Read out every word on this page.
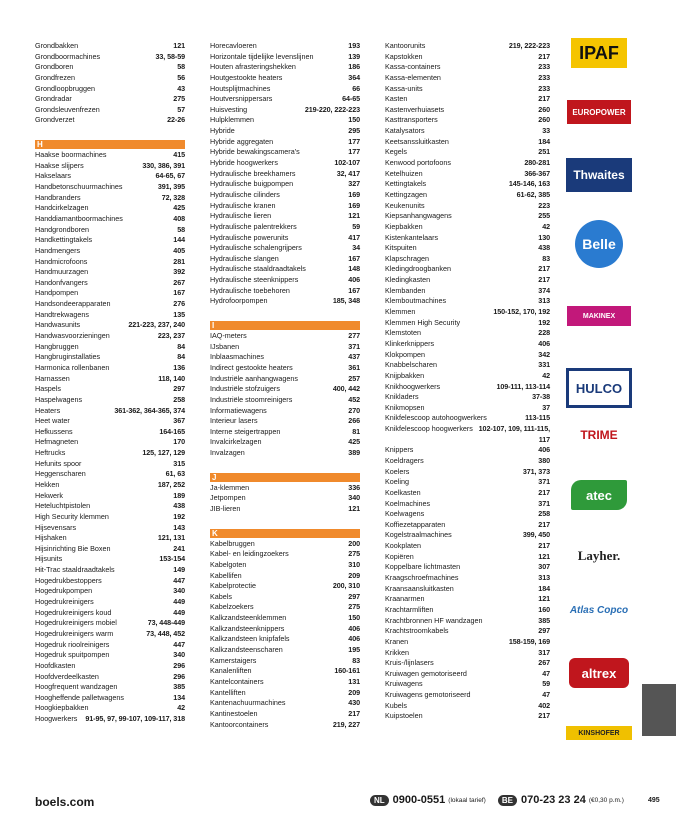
Grondbakken	121
Grondboormachines	33, 58-59
Grondboren	58
Grondfrezen	56
Grondloopbruggen	43
Grondradar	275
Grondsleuvenfrezen	57
Grondverzet	22-26
H
Haakse boormachines	415
Haakse slijpers	330, 386, 391
Hakselaars	64-65, 67
Handbetonschuurmachines	391, 395
Handbranders	72, 328
Handcirkelzagen	425
Handdiamantboormachines	408
Handgrondboren	58
Handkettingtakels	144
Handmengers	405
Handmicrofoons	281
Handmuurzagen	392
Handonfvangers	267
Handpompen	167
Handsondeerapparaten	276
Handtrekwagens	135
Handwasunits	221-223, 237, 240
Handwasvoorzieningen	223, 237
Hangbruggen	84
Hangbruginstallaties	84
Harmonica rollenbanen	136
Harnassen	118, 140
Haspels	297
Haspelwagens	258
Heaters	361-362, 364-365, 374
Heet water	367
Hefkussens	164-165
Hefmagneten	170
Heftrucks	125, 127, 129
Hefunits spoor	315
Heggenscharen	61, 63
Hekken	187, 252
Hekwerk	189
Heteluchtpistolen	438
High Security klemmen	192
Hijsevensars	143
Hijshaken	121, 131
Hijsinrichting Bie Boxen	241
Hijsunits	153-154
Hit-Trac staaldraadtakels	149
Hogedrukbestoppers	447
Hogedrukpompen	340
Hogedrukreinigers	449
Hogedrukreinigers koud	449
Hogedrukreinigers mobiel	73, 448-449
Hogedrukreinigers warm	73, 448, 452
Hogedruk rioolreinigers	447
Hogedruk spuitpompen	340
Hoofdkasten	296
Hoofdverdeelkasten	296
Hoogfrequent wandzagen	385
Hoogheffende palletwagens	134
Hoogkiepbakken	42
Hoogwerkers 91-95, 97, 99-107, 109-117, 318
Horecavloeren	193
Horizontale tijdelijke levenslijnen	139
Houten afrasteringshekken	186
Houtgestookte heaters	364
Houtsplijtmachines	66
Houtversnippersars	64-65
Huisvesting	219-220, 222-223
Hulpklemmen	150
Hybride	295
Hybride aggregaten	177
Hybride bewakingscamera's	177
Hybride hoogwerkers	102-107
Hydraulische breekhamers	32, 417
Hydraulische buigpompen	327
Hydraulische cilinders	169
Hydraulische kranen	169
Hydraulische lieren	121
Hydraulische palentrekkers	59
Hydraulische powerunits	417
Hydraulische schalengrijpers	34
Hydraulische slangen	167
Hydraulische staaldraadtakels	148
Hydraulische steenknippers	406
Hydraulische toebehoren	167
Hydrofoorpompen	185, 348
I
IAQ-meters	277
IJsbanen	371
Inblaasmachines	437
Indirect gestookte heaters	361
Industriële aanhangwagens	257
Industriële stofzuigers	400, 442
Industriële stoomreinigers	452
Informatiewagens	270
Interieur lasers	266
Interne steigertrappen	81
Invalcirkelzagen	425
Invalzagen	389
J
Ja-klemmen	336
Jetpompen	340
JIB-lieren	121
K
Kabelbruggen	200
Kabel- en leidingzoekers	275
Kabelgoten	310
Kabellifen	209
Kabelprotectie	200, 310
Kabels	297
Kabelzoekers	275
Kalkzandsteenklemmen	150
Kalkzandsteenknippers	406
Kalkzandsteen knipfafels	406
Kalkzandsteenscharen	195
Kamerstaigers	83
Kanalenliften	160-161
Kantelcontainers	131
Kantelliften	209
Kantenachuurmachines	430
Kantinestoelen	217
Kantoorcontainers	219, 227
Kantoorunits	219, 222-223
Kapstokken	217
Kassa-containers	233
Kassa-elementen	233
Kassa-units	233
Kasten	217
Kastenverhuiasets	260
Kasttransporters	260
Katalysators	33
Keetsanssluitkasten	184
Kegels	251
Kenwood portofoons	280-281
Ketelhuizen	366-367
Kettingtakels	145-146, 163
Kettingzagen	61-62, 385
Keukenunits	223
Kiepsanhangwagens	255
Kiepbakken	42
Kistenkantelaars	130
Kitspuiten	438
Klapschragen	83
Kledingdroogbanken	217
Kledingkasten	217
Klembanden	374
Klemboutmachines	313
Klemmen	150-152, 170, 192
Klemmen High Security	192
Klemstoten	228
Klinkerknippers	406
Klokpompen	342
Knabbelscharen	331
Knijpbakken	42
Knikhoogwerkers	109-111, 113-114
Knikladers	37-38
Knikmopsen	37
Knikfelescoop autohoogwerkers	113-115
Knikfelescoop hoogwerkers 102-107, 109, 111-115,
117
Knippers	406
Koeldragers	380
Koelers	371, 373
Koeling	371
Koelkasten	217
Koelmachines	371
Koelwagens	258
Koffiezetapparaten	217
Kogelstraalmachines	399, 450
Kookplaten	217
Kopiëren	121
Koppelbare lichtmasten	307
Kraagschroefmachines	313
Kraansaansluitkasten	184
Kraanarmen	121
Krachtarmliften	160
Krachtbronnen HF wandzagen	385
Krachtstroomkabels	297
Kranen	158-159, 169
Krikken	317
Kruis-/lijnlasers	267
Kruiwagen gemotoriseerd	47
Kruiwagens	59
Kruiwagens gemotoriseerd	47
Kubels	402
Kuipstoelen	217
IPAF
EUROPOWER
Thwaites
Belle
MAKINEX
HULCO
TRIME
atec
Layher.
Atlas Copco
altrex
KINSHOFER
boels.com	NL 0900-0551 (lokaal tarief)	BE 070-23 23 24 (€0,30 p.m.)	495
